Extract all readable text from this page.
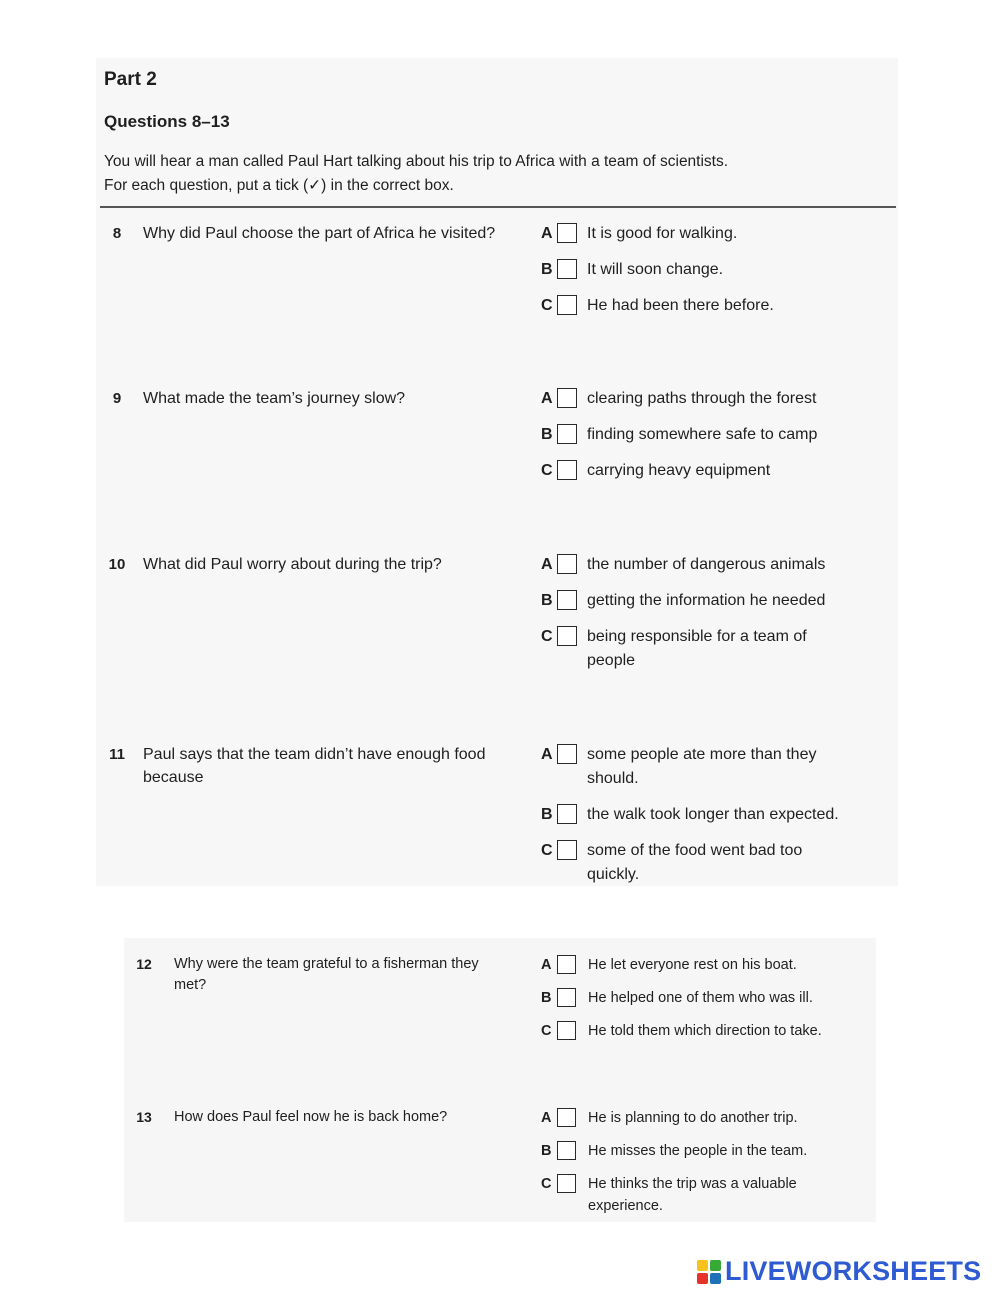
Part 2
Questions 8–13
You will hear a man called Paul Hart talking about his trip to Africa with a team of scientists.
For each question, put a tick (✓) in the correct box.
8	Why did Paul choose the part of Africa he visited?	A It is good for walking.
B It will soon change.
C He had been there before.
9	What made the team’s journey slow?	A clearing paths through the forest
B finding somewhere safe to camp
C carrying heavy equipment
10	What did Paul worry about during the trip?	A the number of dangerous animals
B getting the information he needed
C being responsible for a team of people
11	Paul says that the team didn’t have enough food because
A some people ate more than they should.
B the walk took longer than expected.
C some of the food went bad too quickly.
12	Why were the team grateful to a fisherman they met?
A	He let everyone rest on his boat.
B	He helped one of them who was ill.
C	He told them which direction to take.
13	How does Paul feel now he is back home?	A	He is planning to do another trip.
B	He misses the people in the team.
C	He thinks the trip was a valuable experience.
LIVEWORKSHEETS
